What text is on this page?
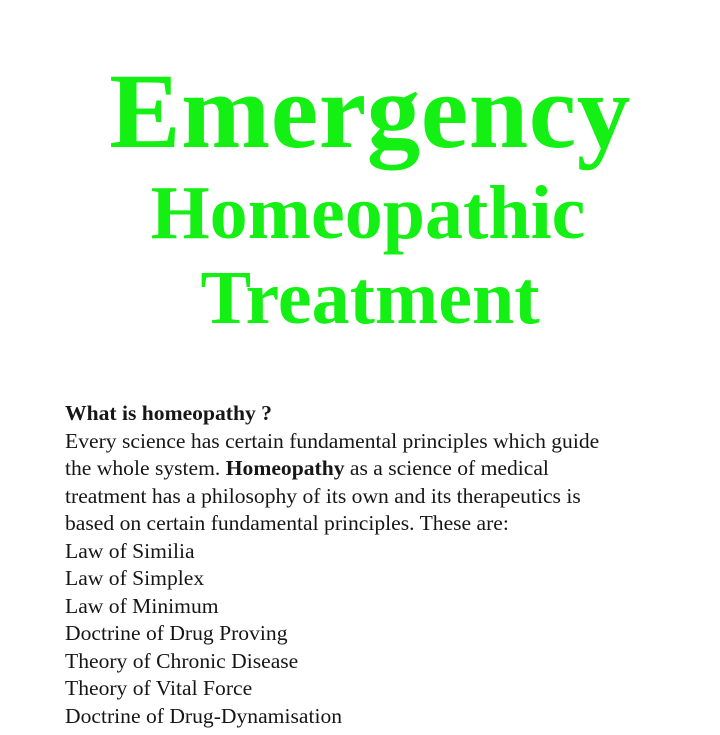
Emergency
Homeopathic
Treatment
What is homeopathy ?
Every science has certain fundamental principles which guide
the whole system. Homeopathy as a science of medical
treatment has a philosophy of its own and its therapeutics is
based on certain fundamental principles. These are:
Law of Similia
Law of Simplex
Law of Minimum
Doctrine of Drug Proving
Theory of Chronic Disease
Theory of Vital Force
Doctrine of Drug-Dynamisation
